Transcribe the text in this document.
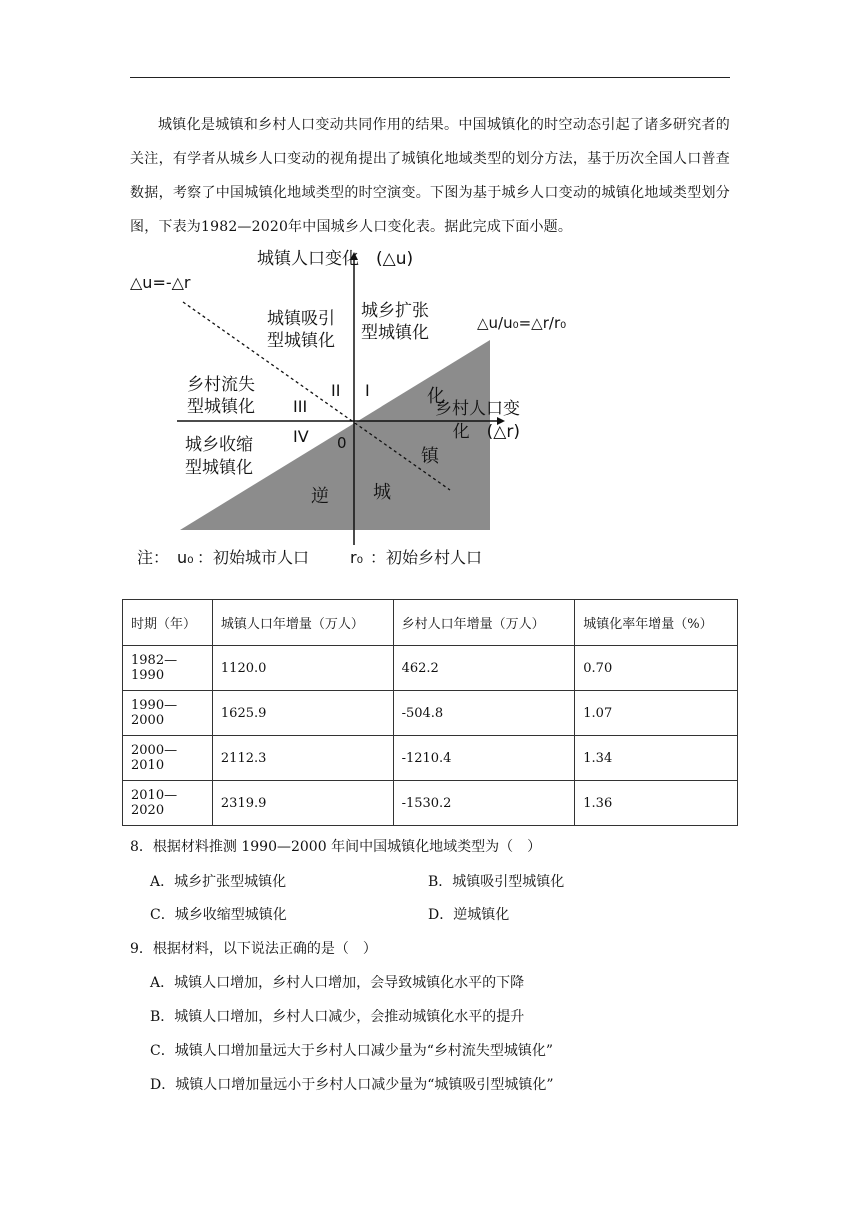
城镇化是城镇和乡村人口变动共同作用的结果。中国城镇化的时空动态引起了诸多研究者的关注，有学者从城乡人口变动的视角提出了城镇化地域类型的划分方法，基于历次全国人口普查数据，考察了中国城镇化地域类型的时空演变。下图为基于城乡人口变动的城镇化地域类型划分图，下表为1982—2020年中国城乡人口变化表。据此完成下面小题。

城镇人口变化　(△u)
△u=-△r
△u/u₀=△r/r₀
乡村人口变
化　(△r)
0
城镇吸引
型城镇化
城乡扩张
型城镇化
乡村流失
型城镇化
城乡收缩
型城镇化
I
II
III
IV
化
镇
城
逆
注： u₀ ：初始城市人口	r₀ ：初始乡村人口
时期（年）	城镇人口年增量（万人）	乡村人口年增量（万人）	城镇化率年增量（%）
1982—1990	1120.0	462.2	0.70
1990—2000	1625.9	-504.8	1.07
2000—2010	2112.3	-1210.4	1.34
2010—2020	2319.9	-1530.2	1.36
8．根据材料推测 1990—2000 年间中国城镇化地域类型为（　）
A．城乡扩张型城镇化	B．城镇吸引型城镇化
C．城乡收缩型城镇化	D．逆城镇化
9．根据材料，以下说法正确的是（　）
A．城镇人口增加，乡村人口增加，会导致城镇化水平的下降
B．城镇人口增加，乡村人口减少，会推动城镇化水平的提升
C．城镇人口增加量远大于乡村人口减少量为“乡村流失型城镇化”
D．城镇人口增加量远小于乡村人口减少量为“城镇吸引型城镇化”
